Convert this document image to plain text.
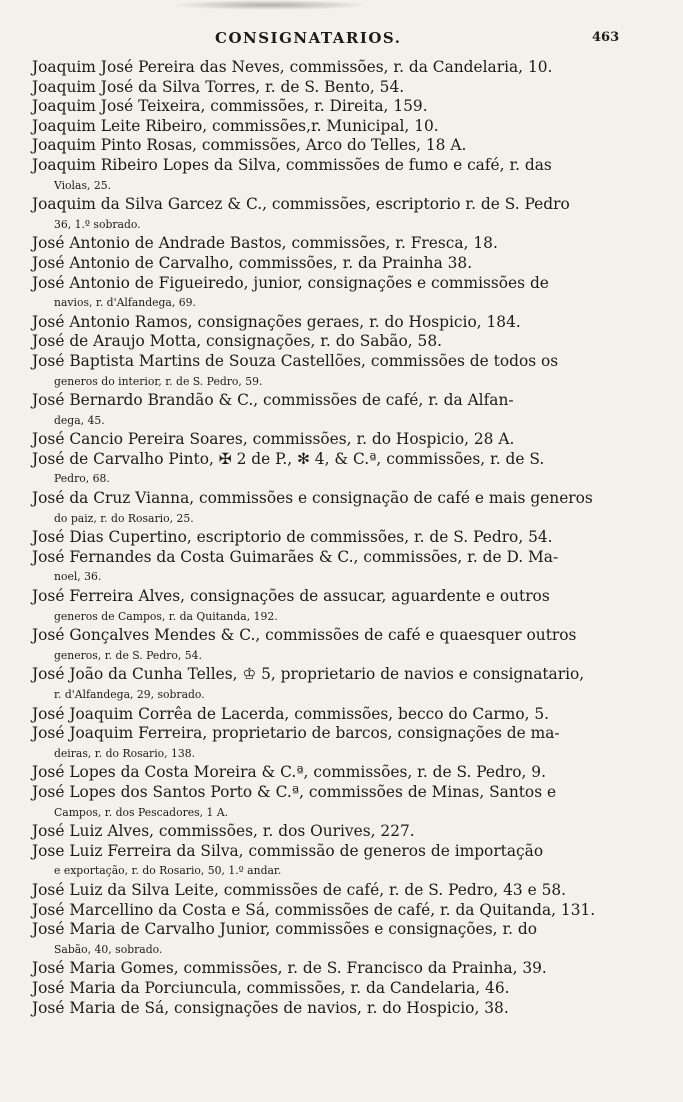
CONSIGNATARIOS.	463
Joaquim José Pereira das Neves, commissões, r. da Candelaria, 10.
Joaquim José da Silva Torres, r. de S. Bento, 54.
Joaquim José Teixeira, commissões, r. Direita, 159.
Joaquim Leite Ribeiro, commissões,r. Municipal, 10.
Joaquim Pinto Rosas, commissões, Arco do Telles, 18 A.
Joaquim Ribeiro Lopes da Silva, commissões de fumo e café, r. das
Violas, 25.
Joaquim da Silva Garcez & C., commissões, escriptorio r. de S. Pedro
36, 1.º sobrado.
José Antonio de Andrade Bastos, commissões, r. Fresca, 18.
José Antonio de Carvalho, commissões, r. da Prainha 38.
José Antonio de Figueiredo, junior, consignações e commissões de
navios, r. d'Alfandega, 69.
José Antonio Ramos, consignações geraes, r. do Hospicio, 184.
José de Araujo Motta, consignações, r. do Sabão, 58.
José Baptista Martins de Souza Castellões, commissões de todos os
generos do interior, r. de S. Pedro, 59.
José Bernardo Brandão & C., commissões de café, r. da Alfan-
dega, 45.
José Cancio Pereira Soares, commissões, r. do Hospicio, 28 A.
José de Carvalho Pinto, ✠ 2 de P., ✻ 4, & C.ª, commissões, r. de S.
Pedro, 68.
José da Cruz Vianna, commissões e consignação de café e mais generos
do paiz, r. do Rosario, 25.
José Dias Cupertino, escriptorio de commissões, r. de S. Pedro, 54.
José Fernandes da Costa Guimarães & C., commissões, r. de D. Ma-
noel, 36.
José Ferreira Alves, consignações de assucar, aguardente e outros
generos de Campos, r. da Quitanda, 192.
José Gonçalves Mendes & C., commissões de café e quaesquer outros
generos, r. de S. Pedro, 54.
José João da Cunha Telles, ♔ 5, proprietario de navios e consignatario,
r. d'Alfandega, 29, sobrado.
José Joaquim Corrêa de Lacerda, commissões, becco do Carmo, 5.
José Joaquim Ferreira, proprietario de barcos, consignações de ma-
deiras, r. do Rosario, 138.
José Lopes da Costa Moreira & C.ª, commissões, r. de S. Pedro, 9.
José Lopes dos Santos Porto & C.ª, commissões de Minas, Santos e
Campos, r. dos Pescadores, 1 A.
José Luiz Alves, commissões, r. dos Ourives, 227.
Jose Luiz Ferreira da Silva, commissão de generos de importação
e exportação, r. do Rosario, 50, 1.º andar.
José Luiz da Silva Leite, commissões de café, r. de S. Pedro, 43 e 58.
José Marcellino da Costa e Sá, commissões de café, r. da Quitanda, 131.
José Maria de Carvalho Junior, commissões e consignações, r. do
Sabão, 40, sobrado.
José Maria Gomes, commissões, r. de S. Francisco da Prainha, 39.
José Maria da Porciuncula, commissões, r. da Candelaria, 46.
José Maria de Sá, consignações de navios, r. do Hospicio, 38.
